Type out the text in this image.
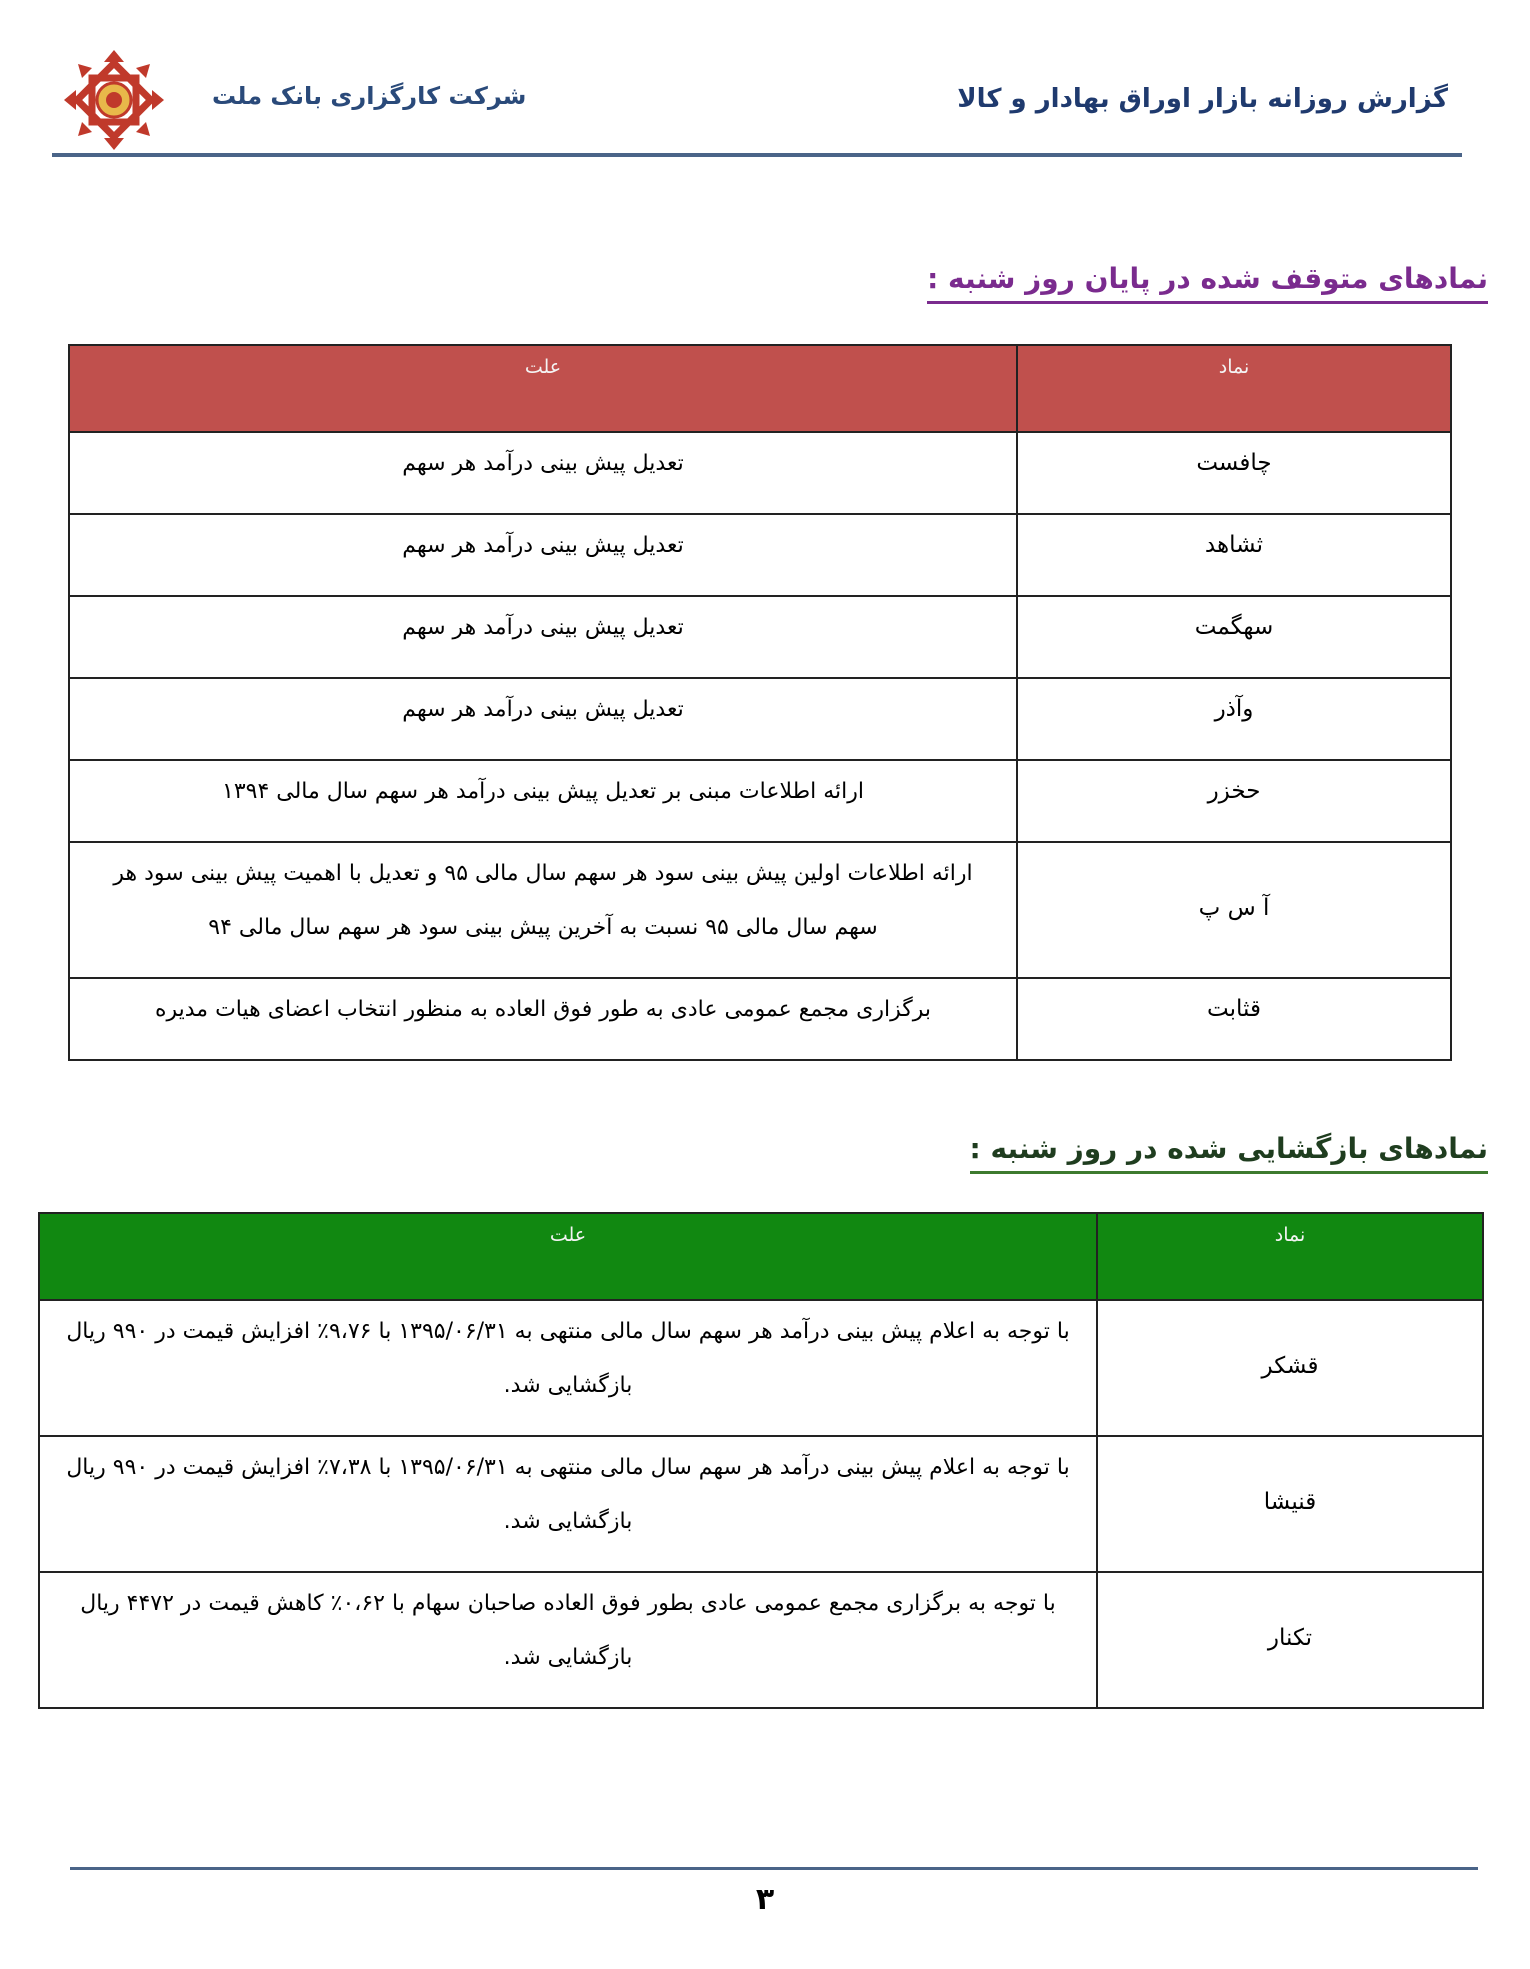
شرکت کارگزاری بانک ملت	گزارش روزانه بازار اوراق بهادار و کالا
نمادهای متوقف شده در پایان روز شنبه :
نماد	علت
چافست	تعدیل پیش بینی درآمد هر سهم
ثشاهد	تعدیل پیش بینی درآمد هر سهم
سهگمت	تعدیل پیش بینی درآمد هر سهم
وآذر	تعدیل پیش بینی درآمد هر سهم
حخزر	ارائه اطلاعات مبنی بر تعدیل پیش بینی درآمد هر سهم سال مالی ۱۳۹۴
آ س پ	ارائه اطلاعات اولین پیش بینی سود هر سهم سال مالی ۹۵ و تعدیل با اهمیت پیش بینی سود هر سهم سال مالی ۹۵ نسبت به آخرین پیش بینی سود هر سهم سال مالی ۹۴
قثابت	برگزاری مجمع عمومی عادی به طور فوق العاده به منظور انتخاب اعضای هیات مدیره
نمادهای بازگشایی شده در روز شنبه :
نماد	علت
قشکر	با توجه به اعلام پیش بینی درآمد هر سهم سال مالی منتهی به ۱۳۹۵/۰۶/۳۱ با ۹،۷۶٪ افزایش قیمت در ۹۹۰ ریال بازگشایی شد.
قنیشا	با توجه به اعلام پیش بینی درآمد هر سهم سال مالی منتهی به ۱۳۹۵/۰۶/۳۱ با ۷،۳۸٪ افزایش قیمت در ۹۹۰ ریال بازگشایی شد.
تکنار	با توجه به برگزاری مجمع عمومی عادی بطور فوق العاده صاحبان سهام با ۰،۶۲٪ کاهش قیمت در ۴۴۷۲ ریال بازگشایی شد.
۳
